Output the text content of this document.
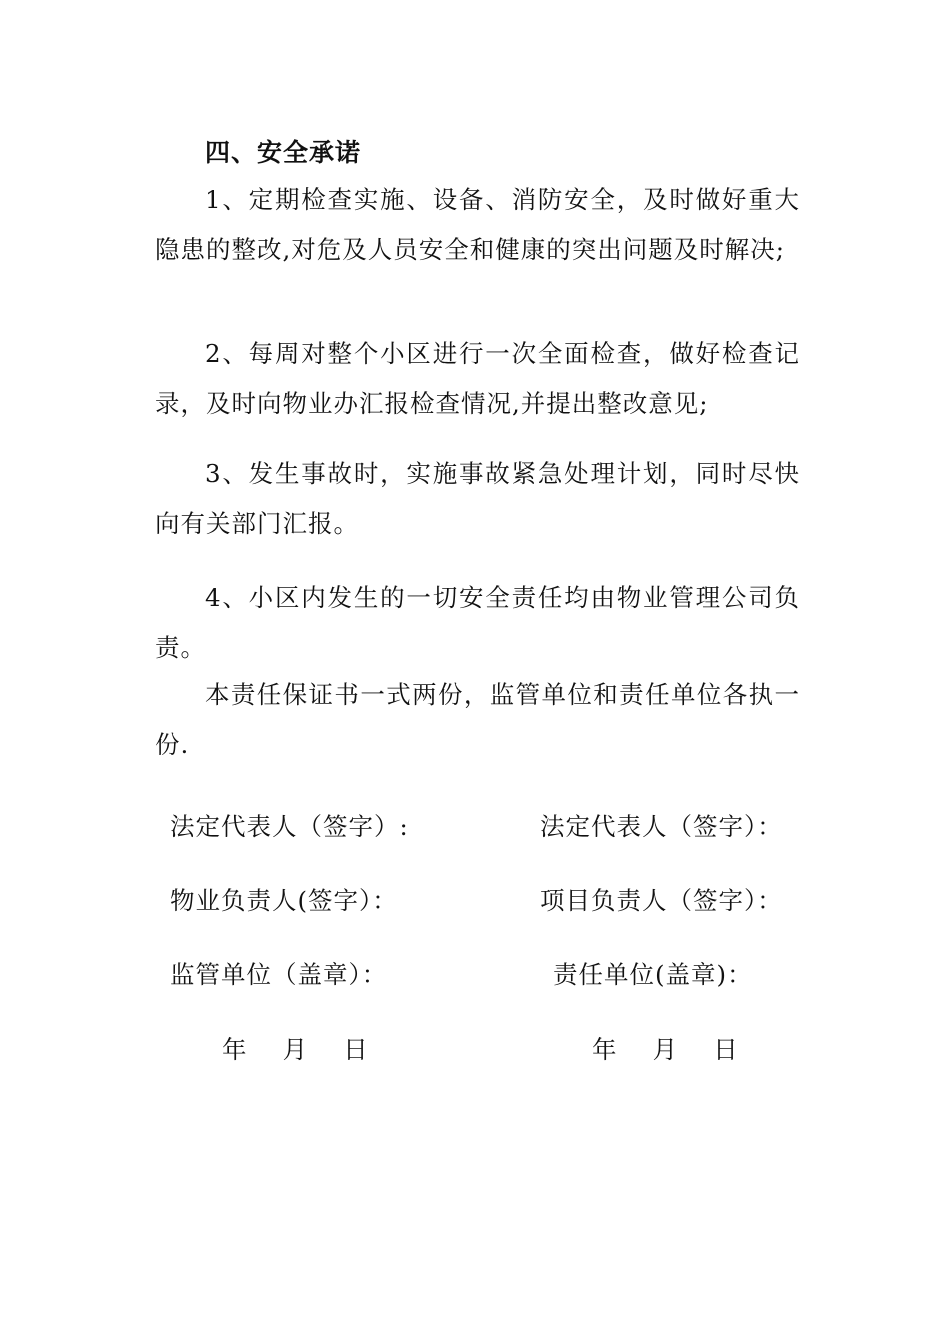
四、安全承诺
1、定期检查实施、设备、消防安全，及时做好重大隐患的整改,对危及人员安全和健康的突出问题及时解决;
2、每周对整个小区进行一次全面检查，做好检查记录，及时向物业办汇报检查情况,并提出整改意见;
3、发生事故时，实施事故紧急处理计划，同时尽快向有关部门汇报。
4、小区内发生的一切安全责任均由物业管理公司负责。
本责任保证书一式两份，监管单位和责任单位各执一份.
法定代表人（签字）:	法定代表人（签字）：
物业负责人(签字）：	项目负责人（签字）：
监管单位（盖章）：	责任单位(盖章)：
年    月    日	年    月    日
